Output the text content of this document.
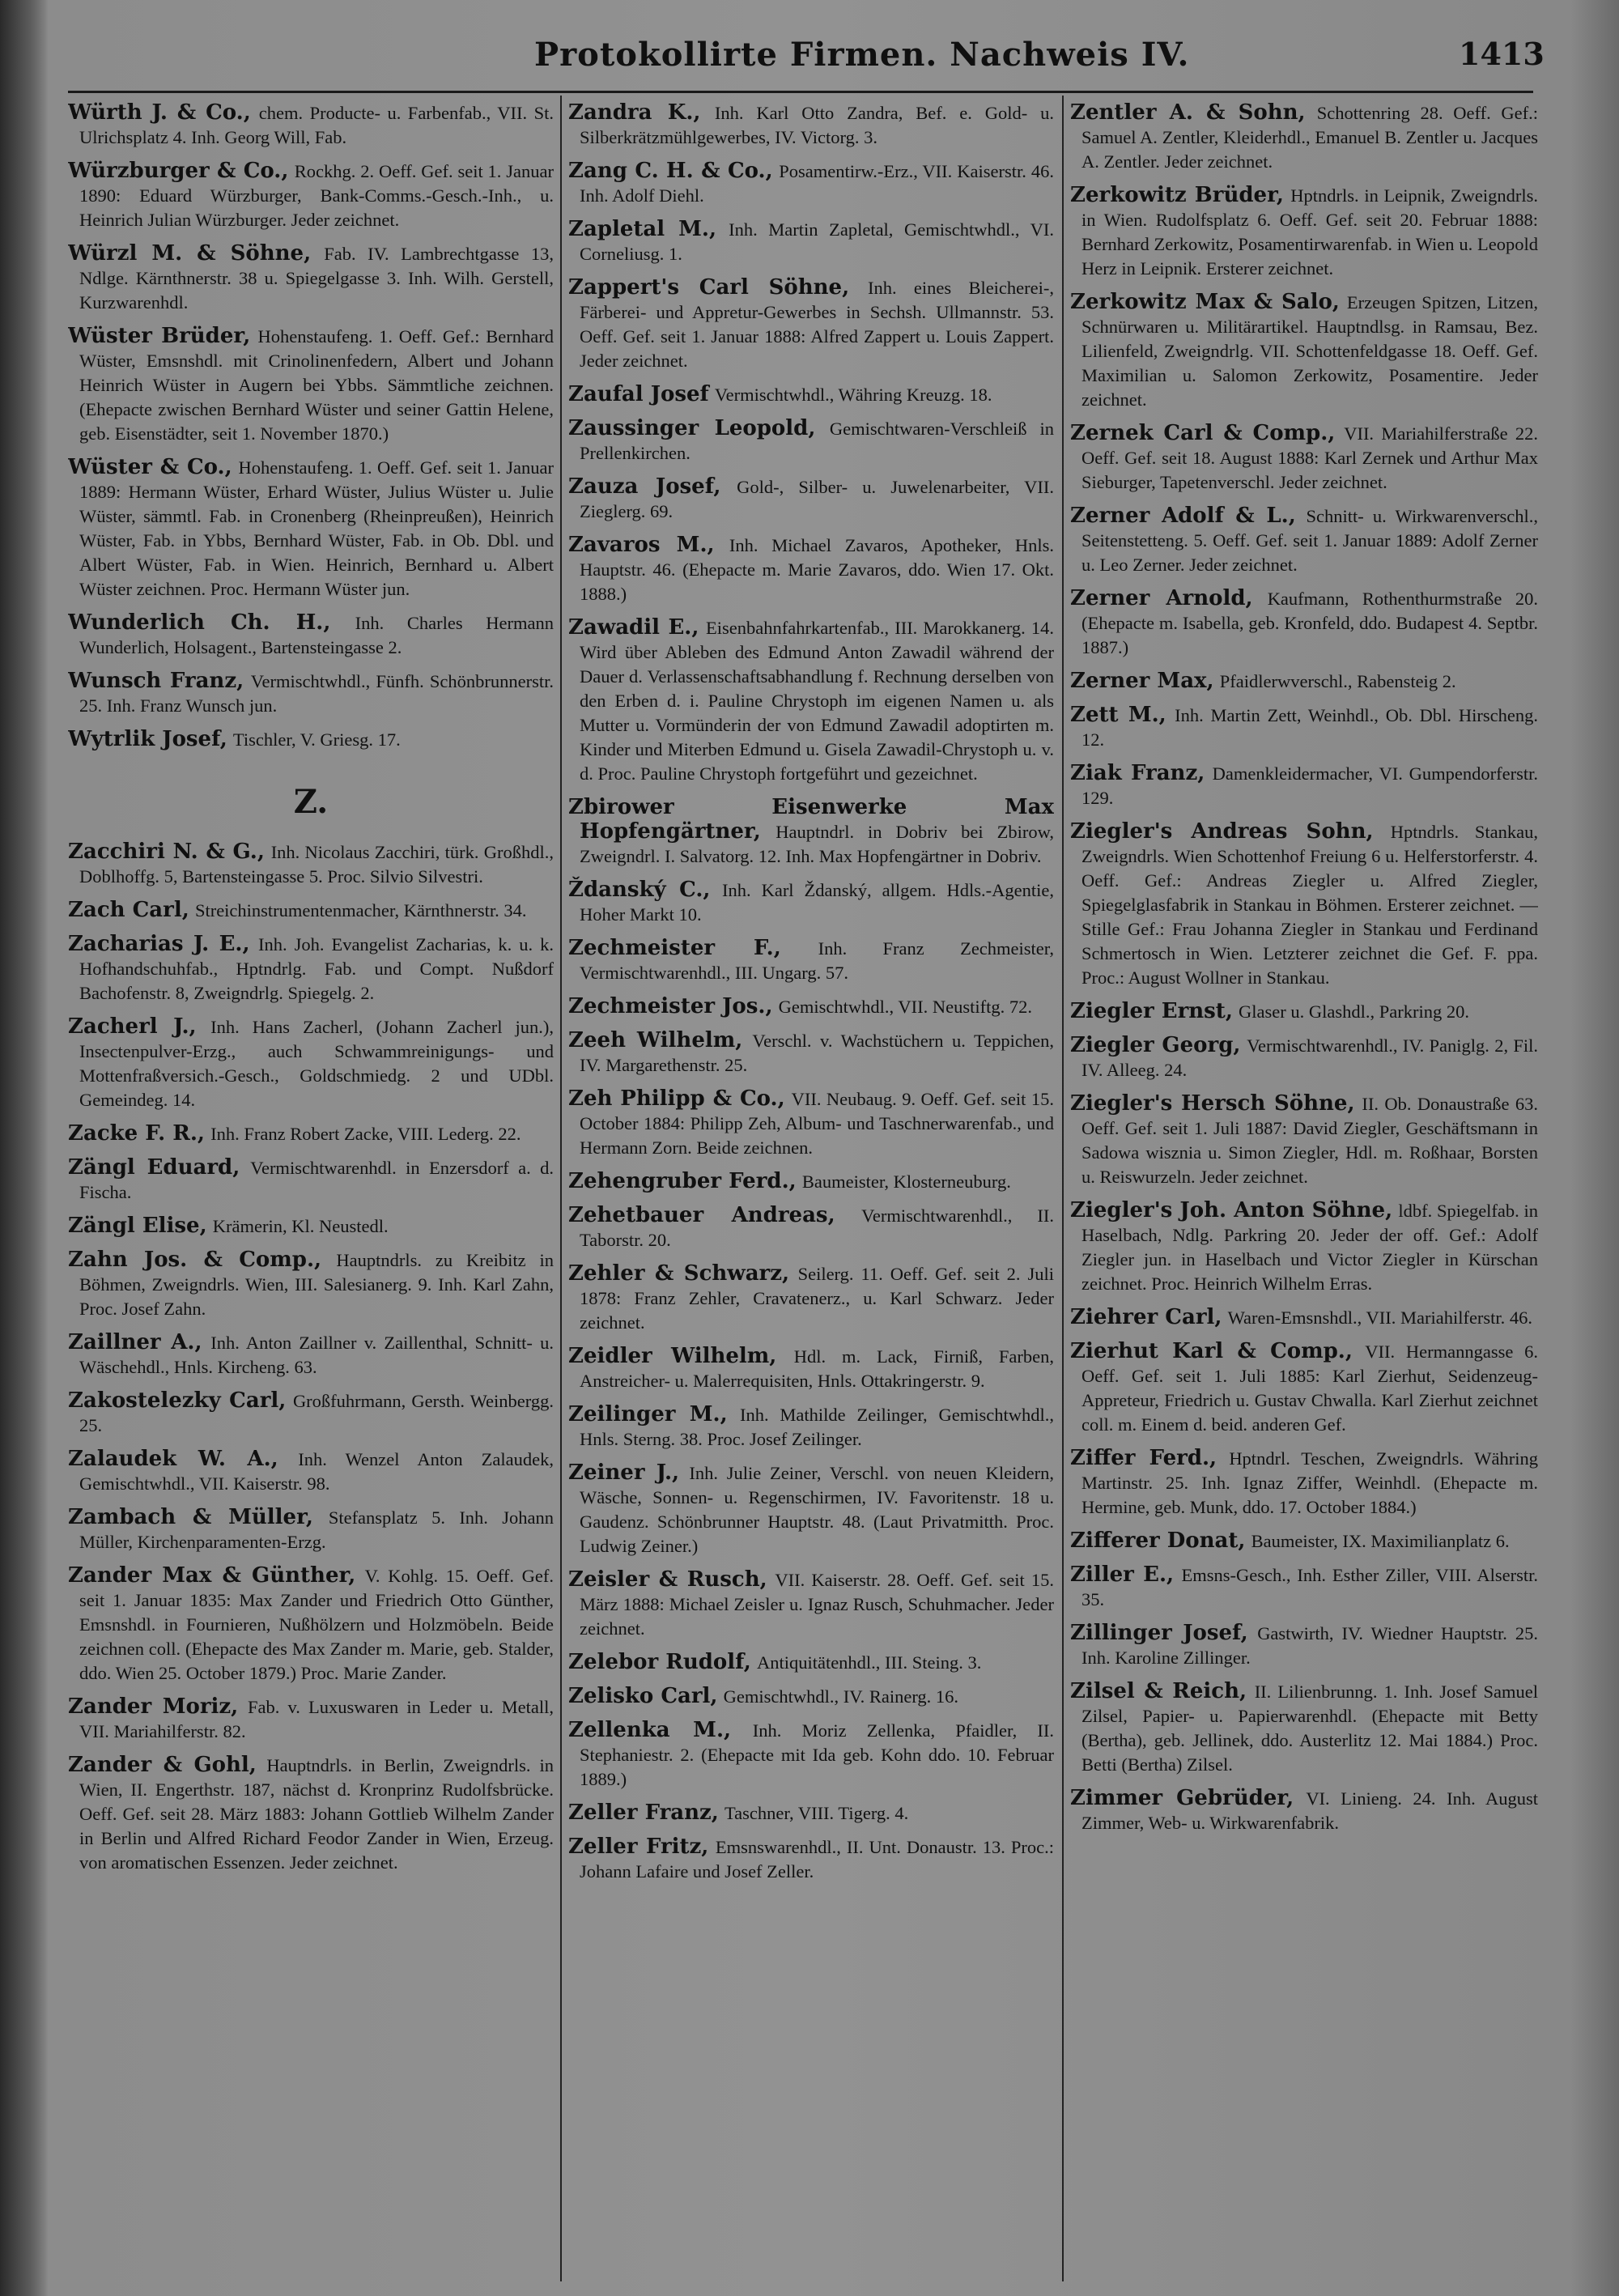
Protokollirte Firmen. Nachweis IV.	1413

Würth J. & Co., chem. Producte- u. Farbenfab., VII. St. Ulrichsplatz 4. Inh. Georg Will, Fab.

Würzburger & Co., Rockhg. 2. Oeff. Gef. seit 1. Januar 1890: Eduard Würzburger, Bank-Comms.-Gesch.-Inh., u. Heinrich Julian Würzburger. Jeder zeichnet.

Würzl M. & Söhne, Fab. IV. Lambrechtgasse 13, Ndlge. Kärnthnerstr. 38 u. Spiegelgasse 3. Inh. Wilh. Gerstell, Kurzwarenhdl.

Wüster Brüder, Hohenstaufeng. 1. Oeff. Gef.: Bernhard Wüster, Emsnshdl. mit Crinolinenfedern, Albert und Johann Heinrich Wüster in Augern bei Ybbs. Sämmtliche zeichnen. (Ehepacte zwischen Bernhard Wüster und seiner Gattin Helene, geb. Eisenstädter, seit 1. November 1870.)

Wüster & Co., Hohenstaufeng. 1. Oeff. Gef. seit 1. Januar 1889: Hermann Wüster, Erhard Wüster, Julius Wüster u. Julie Wüster, sämmtl. Fab. in Cronenberg (Rheinpreußen), Heinrich Wüster, Fab. in Ybbs, Bernhard Wüster, Fab. in Ob. Dbl. und Albert Wüster, Fab. in Wien. Heinrich, Bernhard u. Albert Wüster zeichnen. Proc. Hermann Wüster jun.

Wunderlich Ch. H., Inh. Charles Hermann Wunderlich, Holsagent., Bartensteingasse 2.

Wunsch Franz, Vermischtwhdl., Fünfh. Schönbrunnerstr. 25. Inh. Franz Wunsch jun.

Wytrlik Josef, Tischler, V. Griesg. 17.

Z.

Zacchiri N. & G., Inh. Nicolaus Zacchiri, türk. Großhdl., Doblhoffg. 5, Bartensteingasse 5. Proc. Silvio Silvestri.

Zach Carl, Streichinstrumentenmacher, Kärnthnerstr. 34.

Zacharias J. E., Inh. Joh. Evangelist Zacharias, k. u. k. Hofhandschuhfab., Hptndrlg. Fab. und Compt. Nußdorf Bachofenstr. 8, Zweigndrlg. Spiegelg. 2.

Zacherl J., Inh. Hans Zacherl, (Johann Zacherl jun.), Insectenpulver-Erzg., auch Schwammreinigungs- und Mottenfraßversich.-Gesch., Goldschmiedg. 2 und UDbl. Gemeindeg. 14.

Zacke F. R., Inh. Franz Robert Zacke, VIII. Lederg. 22.

Zängl Eduard, Vermischtwarenhdl. in Enzersdorf a. d. Fischa.

Zängl Elise, Krämerin, Kl. Neustedl.

Zahn Jos. & Comp., Hauptndrls. zu Kreibitz in Böhmen, Zweigndrls. Wien, III. Salesianerg. 9. Inh. Karl Zahn, Proc. Josef Zahn.

Zaillner A., Inh. Anton Zaillner v. Zaillenthal, Schnitt- u. Wäschehdl., Hnls. Kircheng. 63.

Zakostelezky Carl, Großfuhrmann, Gersth. Weinbergg. 25.

Zalaudek W. A., Inh. Wenzel Anton Zalaudek, Gemischtwhdl., VII. Kaiserstr. 98.

Zambach & Müller, Stefansplatz 5. Inh. Johann Müller, Kirchenparamenten-Erzg.

Zander Max & Günther, V. Kohlg. 15. Oeff. Gef. seit 1. Januar 1835: Max Zander und Friedrich Otto Günther, Emsnshdl. in Fournieren, Nußhölzern und Holzmöbeln. Beide zeichnen coll. (Ehepacte des Max Zander m. Marie, geb. Stalder, ddo. Wien 25. October 1879.) Proc. Marie Zander.

Zander Moriz, Fab. v. Luxuswaren in Leder u. Metall, VII. Mariahilferstr. 82.

Zander & Gohl, Hauptndrls. in Berlin, Zweigndrls. in Wien, II. Engerthstr. 187, nächst d. Kronprinz Rudolfsbrücke. Oeff. Gef. seit 28. März 1883: Johann Gottlieb Wilhelm Zander in Berlin und Alfred Richard Feodor Zander in Wien, Erzeug. von aromatischen Essenzen. Jeder zeichnet.

Zandra K., Inh. Karl Otto Zandra, Bef. e. Gold- u. Silberkrätzmühlgewerbes, IV. Victorg. 3.

Zang C. H. & Co., Posamentirw.-Erz., VII. Kaiserstr. 46. Inh. Adolf Diehl.

Zapletal M., Inh. Martin Zapletal, Gemischtwhdl., VI. Corneliusg. 1.

Zappert's Carl Söhne, Inh. eines Bleicherei-, Färberei- und Appretur-Gewerbes in Sechsh. Ullmannstr. 53. Oeff. Gef. seit 1. Januar 1888: Alfred Zappert u. Louis Zappert. Jeder zeichnet.

Zaufal Josef Vermischtwhdl., Währing Kreuzg. 18.

Zaussinger Leopold, Gemischtwaren-Verschleiß in Prellenkirchen.

Zauza Josef, Gold-, Silber- u. Juwelenarbeiter, VII. Zieglerg. 69.

Zavaros M., Inh. Michael Zavaros, Apotheker, Hnls. Hauptstr. 46. (Ehepacte m. Marie Zavaros, ddo. Wien 17. Okt. 1888.)

Zawadil E., Eisenbahnfahrkartenfab., III. Marokkanerg. 14. Wird über Ableben des Edmund Anton Zawadil während der Dauer d. Verlassenschaftsabhandlung f. Rechnung derselben von den Erben d. i. Pauline Chrystoph im eigenen Namen u. als Mutter u. Vormünderin der von Edmund Zawadil adoptirten m. Kinder und Miterben Edmund u. Gisela Zawadil-Chrystoph u. v. d. Proc. Pauline Chrystoph fortgeführt und gezeichnet.

Zbirower Eisenwerke Max Hopfengärtner, Hauptndrl. in Dobriv bei Zbirow, Zweigndrl. I. Salvatorg. 12. Inh. Max Hopfengärtner in Dobriv.

Ždanský C., Inh. Karl Ždanský, allgem. Hdls.-Agentie, Hoher Markt 10.

Zechmeister F., Inh. Franz Zechmeister, Vermischtwarenhdl., III. Ungarg. 57.

Zechmeister Jos., Gemischtwhdl., VII. Neustiftg. 72.

Zeeh Wilhelm, Verschl. v. Wachstüchern u. Teppichen, IV. Margarethenstr. 25.

Zeh Philipp & Co., VII. Neubaug. 9. Oeff. Gef. seit 15. October 1884: Philipp Zeh, Album- und Taschnerwarenfab., und Hermann Zorn. Beide zeichnen.

Zehengruber Ferd., Baumeister, Klosterneuburg.

Zehetbauer Andreas, Vermischtwarenhdl., II. Taborstr. 20.

Zehler & Schwarz, Seilerg. 11. Oeff. Gef. seit 2. Juli 1878: Franz Zehler, Cravatenerz., u. Karl Schwarz. Jeder zeichnet.

Zeidler Wilhelm, Hdl. m. Lack, Firniß, Farben, Anstreicher- u. Malerrequisiten, Hnls. Ottakringerstr. 9.

Zeilinger M., Inh. Mathilde Zeilinger, Gemischtwhdl., Hnls. Sterng. 38. Proc. Josef Zeilinger.

Zeiner J., Inh. Julie Zeiner, Verschl. von neuen Kleidern, Wäsche, Sonnen- u. Regenschirmen, IV. Favoritenstr. 18 u. Gaudenz. Schönbrunner Hauptstr. 48. (Laut Privatmitth. Proc. Ludwig Zeiner.)

Zeisler & Rusch, VII. Kaiserstr. 28. Oeff. Gef. seit 15. März 1888: Michael Zeisler u. Ignaz Rusch, Schuhmacher. Jeder zeichnet.

Zelebor Rudolf, Antiquitätenhdl., III. Steing. 3.

Zelisko Carl, Gemischtwhdl., IV. Rainerg. 16.

Zellenka M., Inh. Moriz Zellenka, Pfaidler, II. Stephaniestr. 2. (Ehepacte mit Ida geb. Kohn ddo. 10. Februar 1889.)

Zeller Franz, Taschner, VIII. Tigerg. 4.

Zeller Fritz, Emsnswarenhdl., II. Unt. Donaustr. 13. Proc.: Johann Lafaire und Josef Zeller.

Zentler A. & Sohn, Schottenring 28. Oeff. Gef.: Samuel A. Zentler, Kleiderhdl., Emanuel B. Zentler u. Jacques A. Zentler. Jeder zeichnet.

Zerkowitz Brüder, Hptndrls. in Leipnik, Zweigndrls. in Wien. Rudolfsplatz 6. Oeff. Gef. seit 20. Februar 1888: Bernhard Zerkowitz, Posamentirwarenfab. in Wien u. Leopold Herz in Leipnik. Ersterer zeichnet.

Zerkowitz Max & Salo, Erzeugen Spitzen, Litzen, Schnürwaren u. Militärartikel. Hauptndlsg. in Ramsau, Bez. Lilienfeld, Zweigndrlg. VII. Schottenfeldgasse 18. Oeff. Gef. Maximilian u. Salomon Zerkowitz, Posamentire. Jeder zeichnet.

Zernek Carl & Comp., VII. Mariahilferstraße 22. Oeff. Gef. seit 18. August 1888: Karl Zernek und Arthur Max Sieburger, Tapetenverschl. Jeder zeichnet.

Zerner Adolf & L., Schnitt- u. Wirkwarenverschl., Seitenstetteng. 5. Oeff. Gef. seit 1. Januar 1889: Adolf Zerner u. Leo Zerner. Jeder zeichnet.

Zerner Arnold, Kaufmann, Rothenthurmstraße 20. (Ehepacte m. Isabella, geb. Kronfeld, ddo. Budapest 4. Septbr. 1887.)

Zerner Max, Pfaidlerwverschl., Rabensteig 2.

Zett M., Inh. Martin Zett, Weinhdl., Ob. Dbl. Hirscheng. 12.

Ziak Franz, Damenkleidermacher, VI. Gumpendorferstr. 129.

Ziegler's Andreas Sohn, Hptndrls. Stankau, Zweigndrls. Wien Schottenhof Freiung 6 u. Helferstorferstr. 4. Oeff. Gef.: Andreas Ziegler u. Alfred Ziegler, Spiegelglasfabrik in Stankau in Böhmen. Ersterer zeichnet. — Stille Gef.: Frau Johanna Ziegler in Stankau und Ferdinand Schmertosch in Wien. Letzterer zeichnet die Gef. F. ppa. Proc.: August Wollner in Stankau.

Ziegler Ernst, Glaser u. Glashdl., Parkring 20.

Ziegler Georg, Vermischtwarenhdl., IV. Paniglg. 2, Fil. IV. Alleeg. 24.

Ziegler's Hersch Söhne, II. Ob. Donaustraße 63. Oeff. Gef. seit 1. Juli 1887: David Ziegler, Geschäftsmann in Sadowa wisznia u. Simon Ziegler, Hdl. m. Roßhaar, Borsten u. Reiswurzeln. Jeder zeichnet.

Ziegler's Joh. Anton Söhne, ldbf. Spiegelfab. in Haselbach, Ndlg. Parkring 20. Jeder der off. Gef.: Adolf Ziegler jun. in Haselbach und Victor Ziegler in Kürschan zeichnet. Proc. Heinrich Wilhelm Erras.

Ziehrer Carl, Waren-Emsnshdl., VII. Mariahilferstr. 46.

Zierhut Karl & Comp., VII. Hermanngasse 6. Oeff. Gef. seit 1. Juli 1885: Karl Zierhut, Seidenzeug-Appreteur, Friedrich u. Gustav Chwalla. Karl Zierhut zeichnet coll. m. Einem d. beid. anderen Gef.

Ziffer Ferd., Hptndrl. Teschen, Zweigndrls. Währing Martinstr. 25. Inh. Ignaz Ziffer, Weinhdl. (Ehepacte m. Hermine, geb. Munk, ddo. 17. October 1884.)

Zifferer Donat, Baumeister, IX. Maximilianplatz 6.

Ziller E., Emsns-Gesch., Inh. Esther Ziller, VIII. Alserstr. 35.

Zillinger Josef, Gastwirth, IV. Wiedner Hauptstr. 25. Inh. Karoline Zillinger.

Zilsel & Reich, II. Lilienbrunng. 1. Inh. Josef Samuel Zilsel, Papier- u. Papierwarenhdl. (Ehepacte mit Betty (Bertha), geb. Jellinek, ddo. Austerlitz 12. Mai 1884.) Proc. Betti (Bertha) Zilsel.

Zimmer Gebrüder, VI. Linieng. 24. Inh. August Zimmer, Web- u. Wirkwarenfabrik.
